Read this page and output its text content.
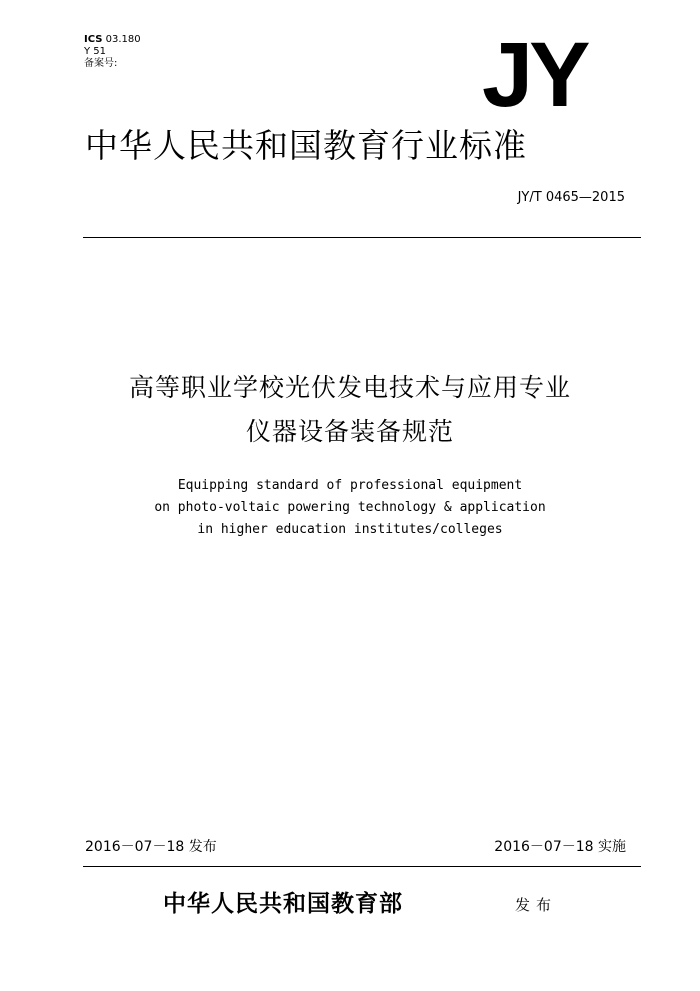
ICS 03.180
Y 51
备案号:	JY
中华人民共和国教育行业标准
JY/T 0465—2015
高等职业学校光伏发电技术与应用专业
仪器设备装备规范
Equipping standard of professional equipment
on photo-voltaic powering technology & application
in higher education institutes/colleges
2016－07－18 发布	2016－07－18 实施
中华人民共和国教育部	发布
